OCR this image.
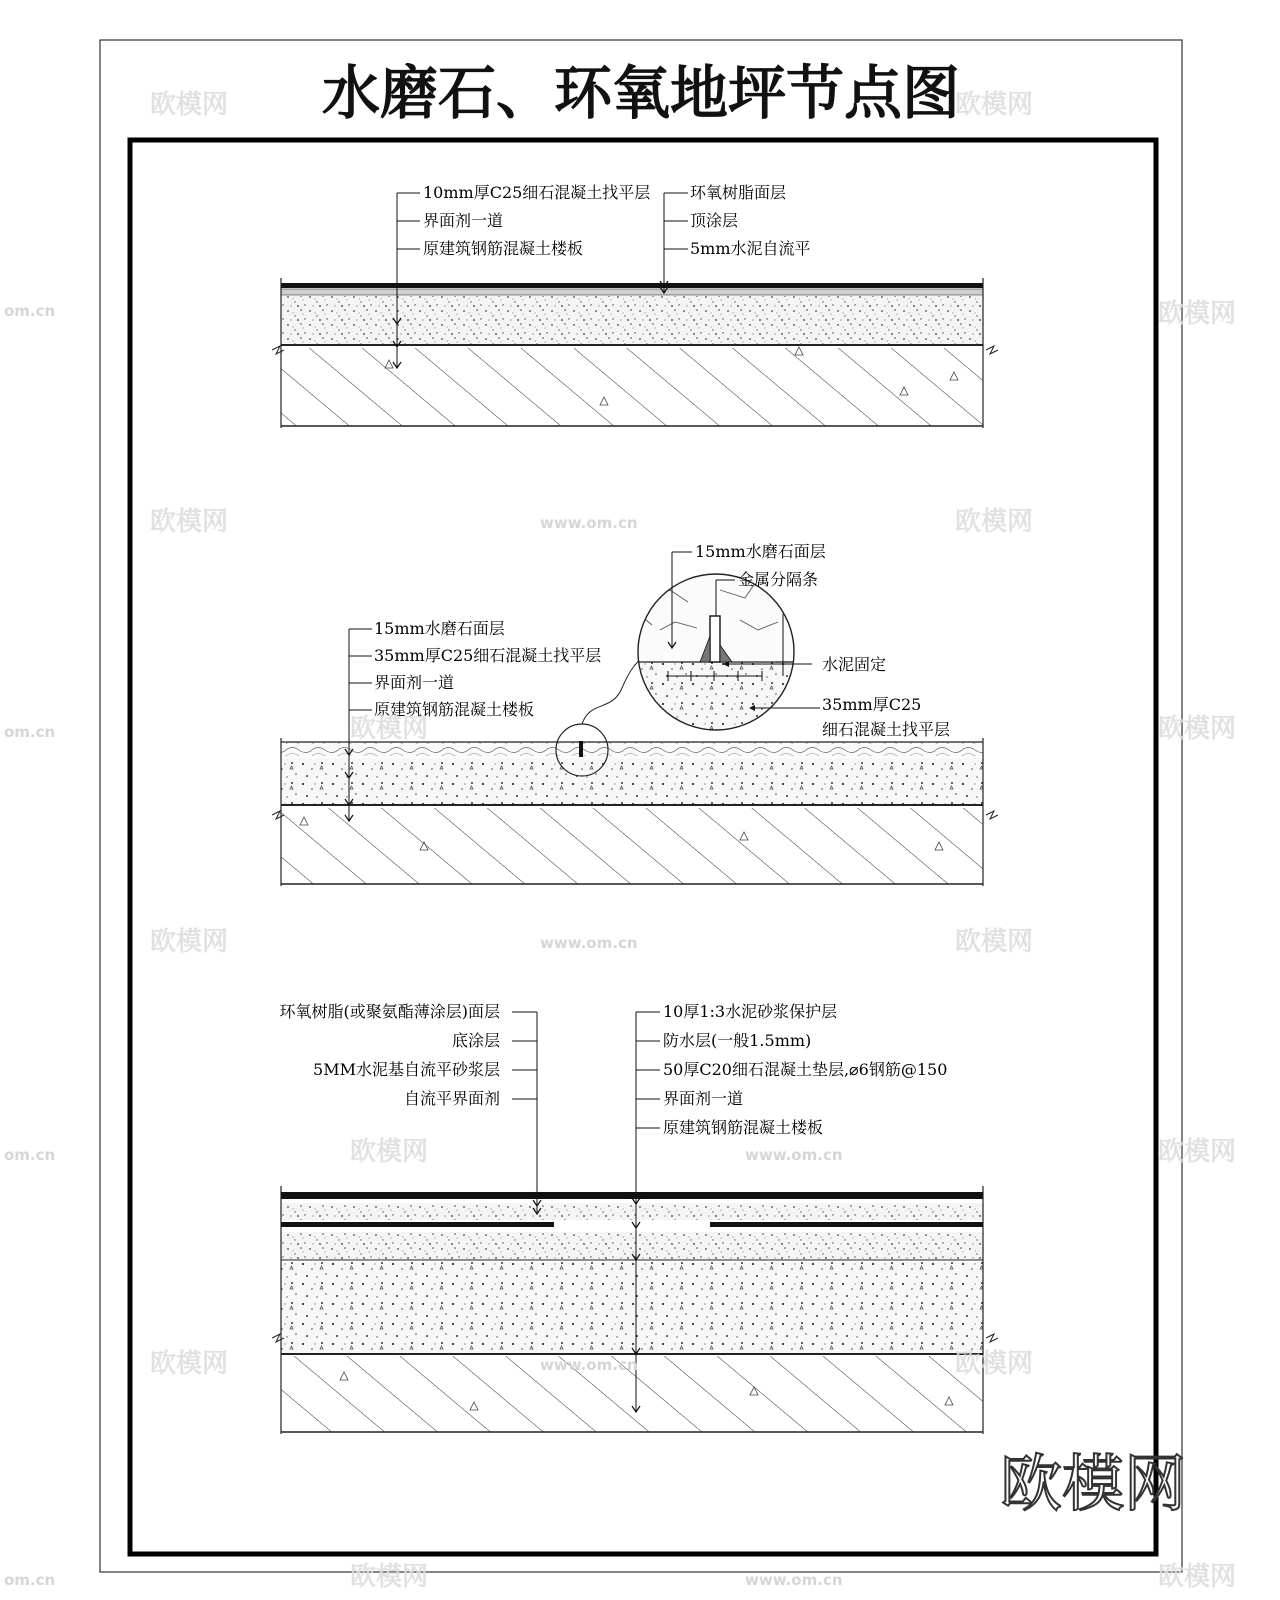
水磨石、环氧地坪节点图
10mm厚C25细石混凝土找平层
界面剂一道
原建筑钢筋混凝土楼板
环氧树脂面层
顶涂层
5mm水泥自流平
15mm水磨石面层
35mm厚C25细石混凝土找平层
界面剂一道
原建筑钢筋混凝土楼板
15mm水磨石面层
金属分隔条
水泥固定
35mm厚C25
细石混凝土找平层
环氧树脂(或聚氨酯薄涂层)面层
底涂层
5MM水泥基自流平砂浆层
自流平界面剂
10厚1:3水泥砂浆保护层
防水层(一般1.5mm)
50厚C20细石混凝土垫层,⌀6钢筋@150
界面剂一道
原建筑钢筋混凝土楼板
欧模网	欧模网
欧模网
欧模网	欧模网
欧模网	欧模网
欧模网	欧模网
欧模网	欧模网
欧模网	欧模网
欧模网	欧模网
www.om.cn
www.om.cn
www.om.cn
www.om.cn
www.om.cn
om.cn
om.cn
om.cn
om.cn
欧模网
